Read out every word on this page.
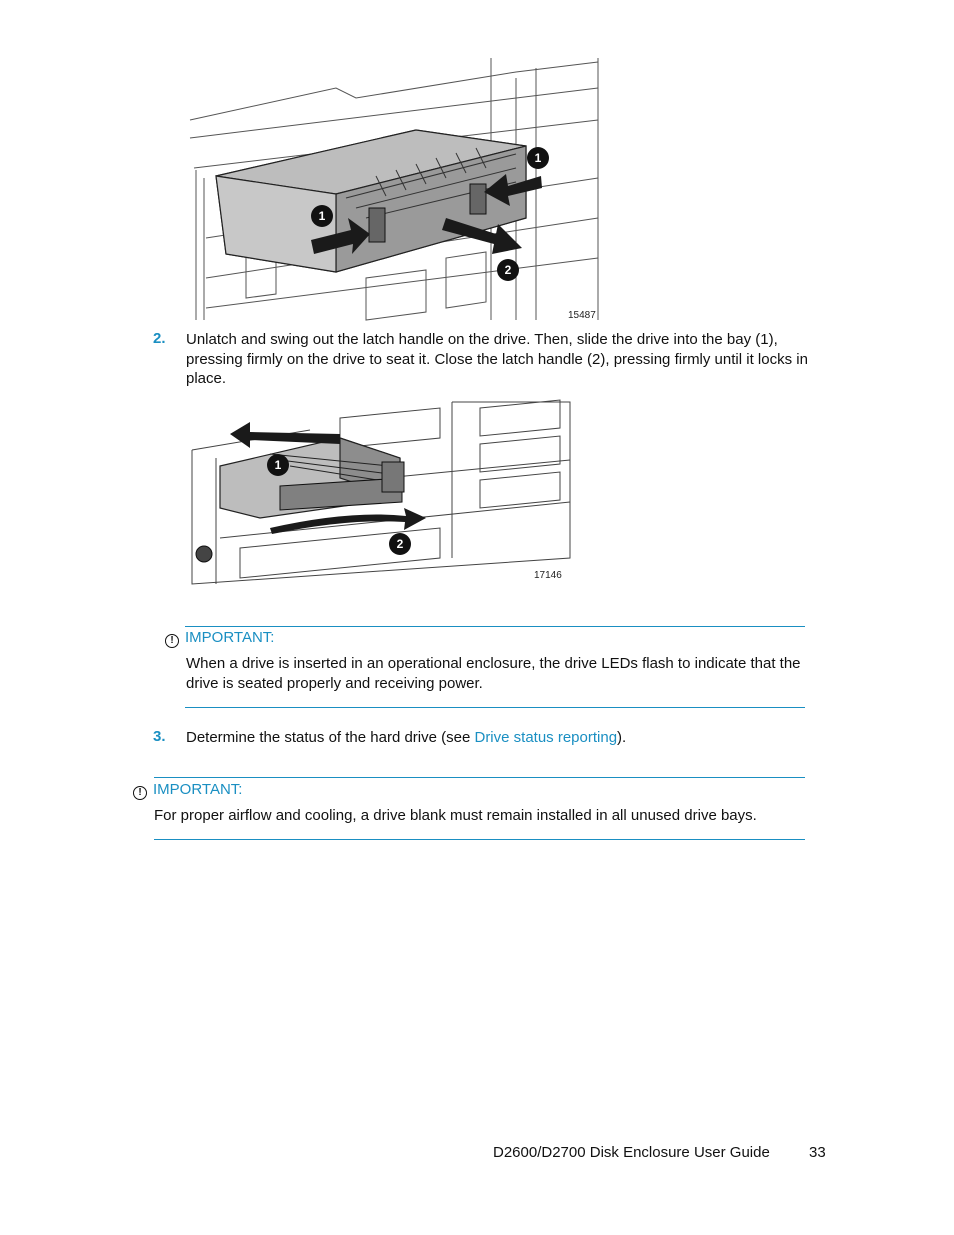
1
1
2
15487
2. Unlatch and swing out the latch handle on the drive. Then, slide the drive into the bay (1),
pressing firmly on the drive to seat it. Close the latch handle (2), pressing firmly until it locks in
place.
1
2
17146
! IMPORTANT:
When a drive is inserted in an operational enclosure, the drive LEDs flash to indicate that the
drive is seated properly and receiving power.
3. Determine the status of the hard drive (see Drive status reporting).
! IMPORTANT:
For proper airflow and cooling, a drive blank must remain installed in all unused drive bays.
D2600/D2700 Disk Enclosure User Guide	33
